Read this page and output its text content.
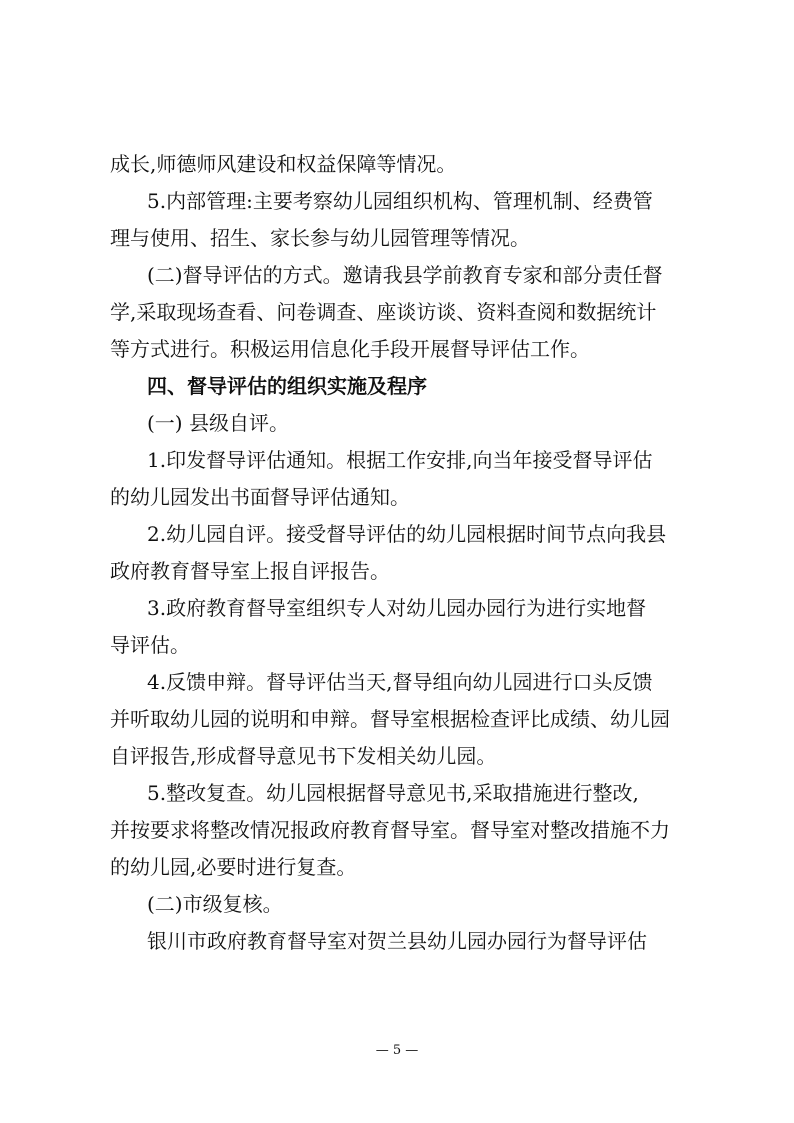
成长,师德师风建设和权益保障等情况。
5.内部管理:主要考察幼儿园组织机构、管理机制、经费管
理与使用、招生、家长参与幼儿园管理等情况。
(二)督导评估的方式。邀请我县学前教育专家和部分责任督
学,采取现场查看、问卷调查、座谈访谈、资料查阅和数据统计
等方式进行。积极运用信息化手段开展督导评估工作。
四、督导评估的组织实施及程序
(一) 县级自评。
1.印发督导评估通知。根据工作安排,向当年接受督导评估
的幼儿园发出书面督导评估通知。
2.幼儿园自评。接受督导评估的幼儿园根据时间节点向我县
政府教育督导室上报自评报告。
3.政府教育督导室组织专人对幼儿园办园行为进行实地督
导评估。
4.反馈申辩。督导评估当天,督导组向幼儿园进行口头反馈
并听取幼儿园的说明和申辩。督导室根据检查评比成绩、幼儿园
自评报告,形成督导意见书下发相关幼儿园。
5.整改复查。幼儿园根据督导意见书,采取措施进行整改,
并按要求将整改情况报政府教育督导室。督导室对整改措施不力
的幼儿园,必要时进行复查。
(二)市级复核。
银川市政府教育督导室对贺兰县幼儿园办园行为督导评估
— 5 —
